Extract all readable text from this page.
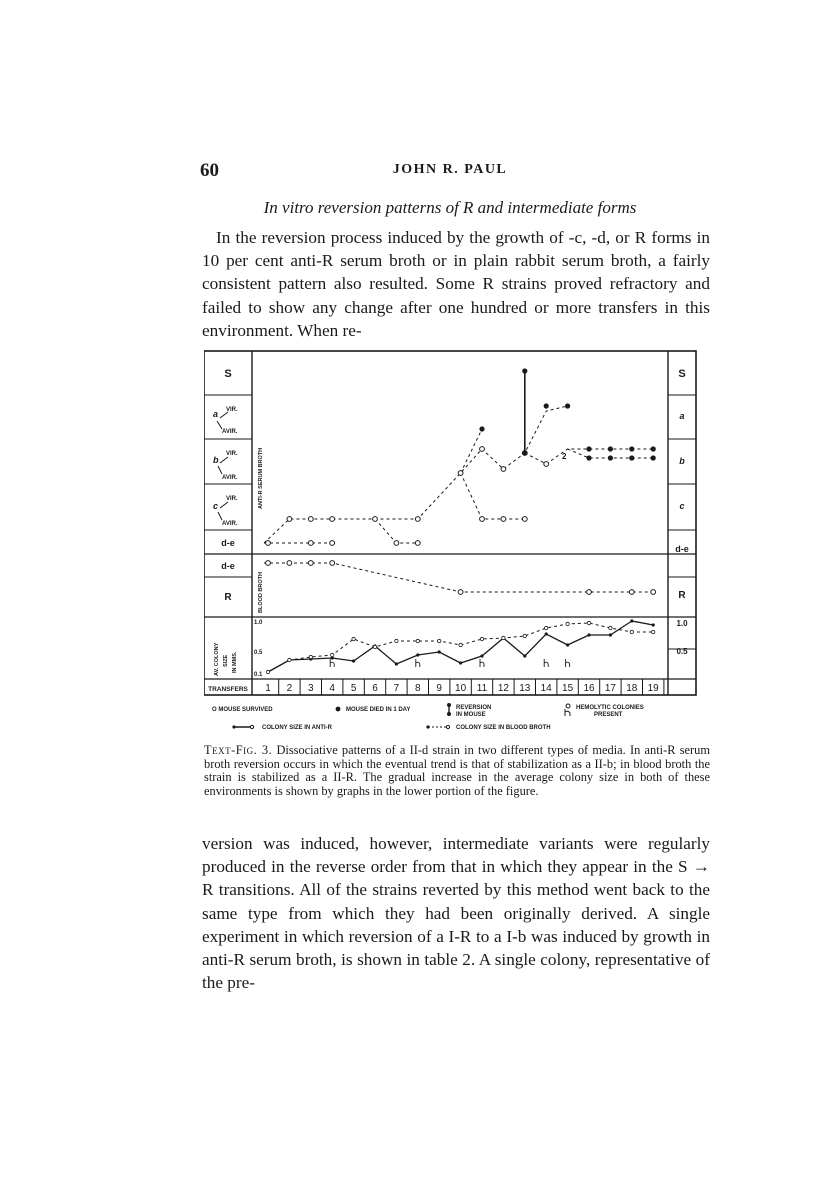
60	JOHN R. PAUL
In vitro reversion patterns of R and intermediate forms
In the reversion process induced by the growth of -c, -d, or R forms in 10 per cent anti-R serum broth or in plain rabbit serum broth, a fairly consistent pattern also resulted. Some R strains proved refractory and failed to show any change after one hundred or more transfers in this environment. When re-
S
VIR.
a
AVIR.
VIR.
b
AVIR.
VIR.
c
AVIR.
d-e
d-e
R
TRANSFERS
S
a
b
c
d-e
R
1.0
0.5
ANTI-R SERUM BROTH
BLOOD BROTH
AV. COLONY SIZE IN MMS.
1.0
0.5
0.1
1 2 3 4 5 6 7 8 9 10 11 12 13 14 15 16 17 18 19
2
O MOUSE SURVIVED	MOUSE DIED IN 1 DAY	REVERSION
IN MOUSE
HEMOLYTIC COLONIES
PRESENT
COLONY SIZE IN ANTI-R	COLONY SIZE IN BLOOD BROTH
Text-Fig. 3. Dissociative patterns of a II-d strain in two different types of media. In anti-R serum broth reversion occurs in which the eventual trend is that of stabilization as a II-b; in blood broth the strain is stabilized as a II-R. The gradual increase in the average colony size in both of these environments is shown by graphs in the lower portion of the figure.
version was induced, however, intermediate variants were regularly produced in the reverse order from that in which they appear in the S → R transitions. All of the strains reverted by this method went back to the same type from which they had been originally derived. A single experiment in which reversion of a I-R to a I-b was induced by growth in anti-R serum broth, is shown in table 2. A single colony, representative of the pre-
